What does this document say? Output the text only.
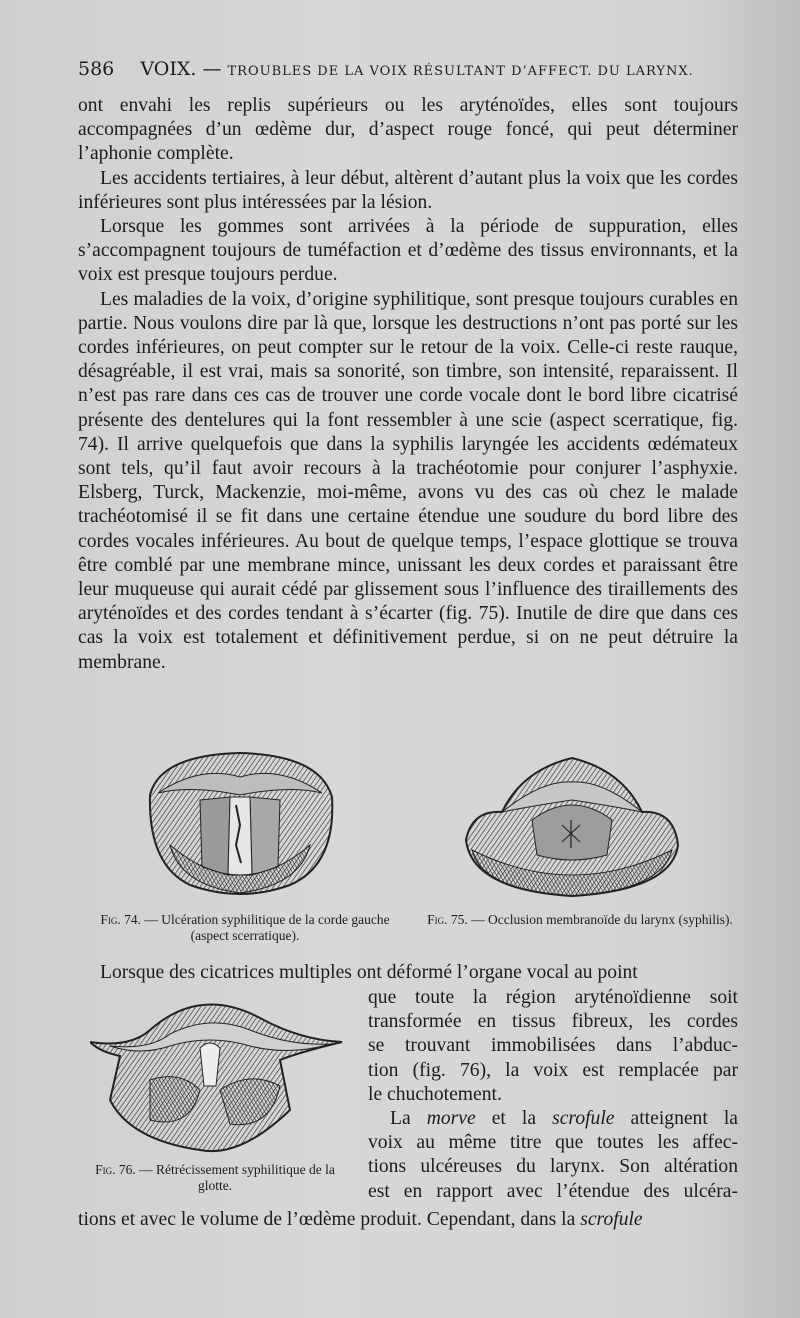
586 VOIX. — TROUBLES DE LA VOIX RÉSULTANT D’AFFECT. DU LARYNX.

ont envahi les replis supérieurs ou les aryténoïdes, elles sont toujours accompagnées d’un œdème dur, d’aspect rouge foncé, qui peut déterminer l’aphonie complète.

Les accidents tertiaires, à leur début, altèrent d’autant plus la voix que les cordes inférieures sont plus intéressées par la lésion.

Lorsque les gommes sont arrivées à la période de suppuration, elles s’accompagnent toujours de tuméfaction et d’œdème des tissus environnants, et la voix est presque toujours perdue.

Les maladies de la voix, d’origine syphilitique, sont presque toujours curables en partie. Nous voulons dire par là que, lorsque les destructions n’ont pas porté sur les cordes inférieures, on peut compter sur le retour de la voix. Celle-ci reste rauque, désagréable, il est vrai, mais sa sonorité, son timbre, son intensité, reparaissent. Il n’est pas rare dans ces cas de trouver une corde vocale dont le bord libre cicatrisé présente des dentelures qui la font ressembler à une scie (aspect scerratique, fig. 74). Il arrive quelquefois que dans la syphilis laryngée les accidents œdémateux sont tels, qu’il faut avoir recours à la trachéotomie pour conjurer l’asphyxie. Elsberg, Turck, Mackenzie, moi-même, avons vu des cas où chez le malade trachéotomisé il se fit dans une certaine étendue une soudure du bord libre des cordes vocales inférieures. Au bout de quelque temps, l’espace glottique se trouva être comblé par une membrane mince, unissant les deux cordes et paraissant être leur muqueuse qui aurait cédé par glissement sous l’influence des tiraillements des aryténoïdes et des cordes tendant à s’écarter (fig. 75). Inutile de dire que dans ces cas la voix est totalement et définitivement perdue, si on ne peut détruire la membrane.

Fig. 74. — Ulcération syphilitique de la corde gauche (aspect scerratique).
Fig. 75. — Occlusion membranoïde du larynx (syphilis).

Lorsque des cicatrices multiples ont déformé l’organe vocal au point

que toute la région aryténoïdienne soit
transformée en tissus fibreux, les cordes
se trouvant immobilisées dans l’abduc-
tion (fig. 76), la voix est remplacée par
le chuchotement.
La morve et la scrofule atteignent la
voix au même titre que toutes les affec-
tions ulcéreuses du larynx. Son altération
est en rapport avec l’étendue des ulcéra-
Fig. 76. — Rétrécissement syphilitique de la glotte.
tions et avec le volume de l’œdème produit. Cependant, dans la scrofule
